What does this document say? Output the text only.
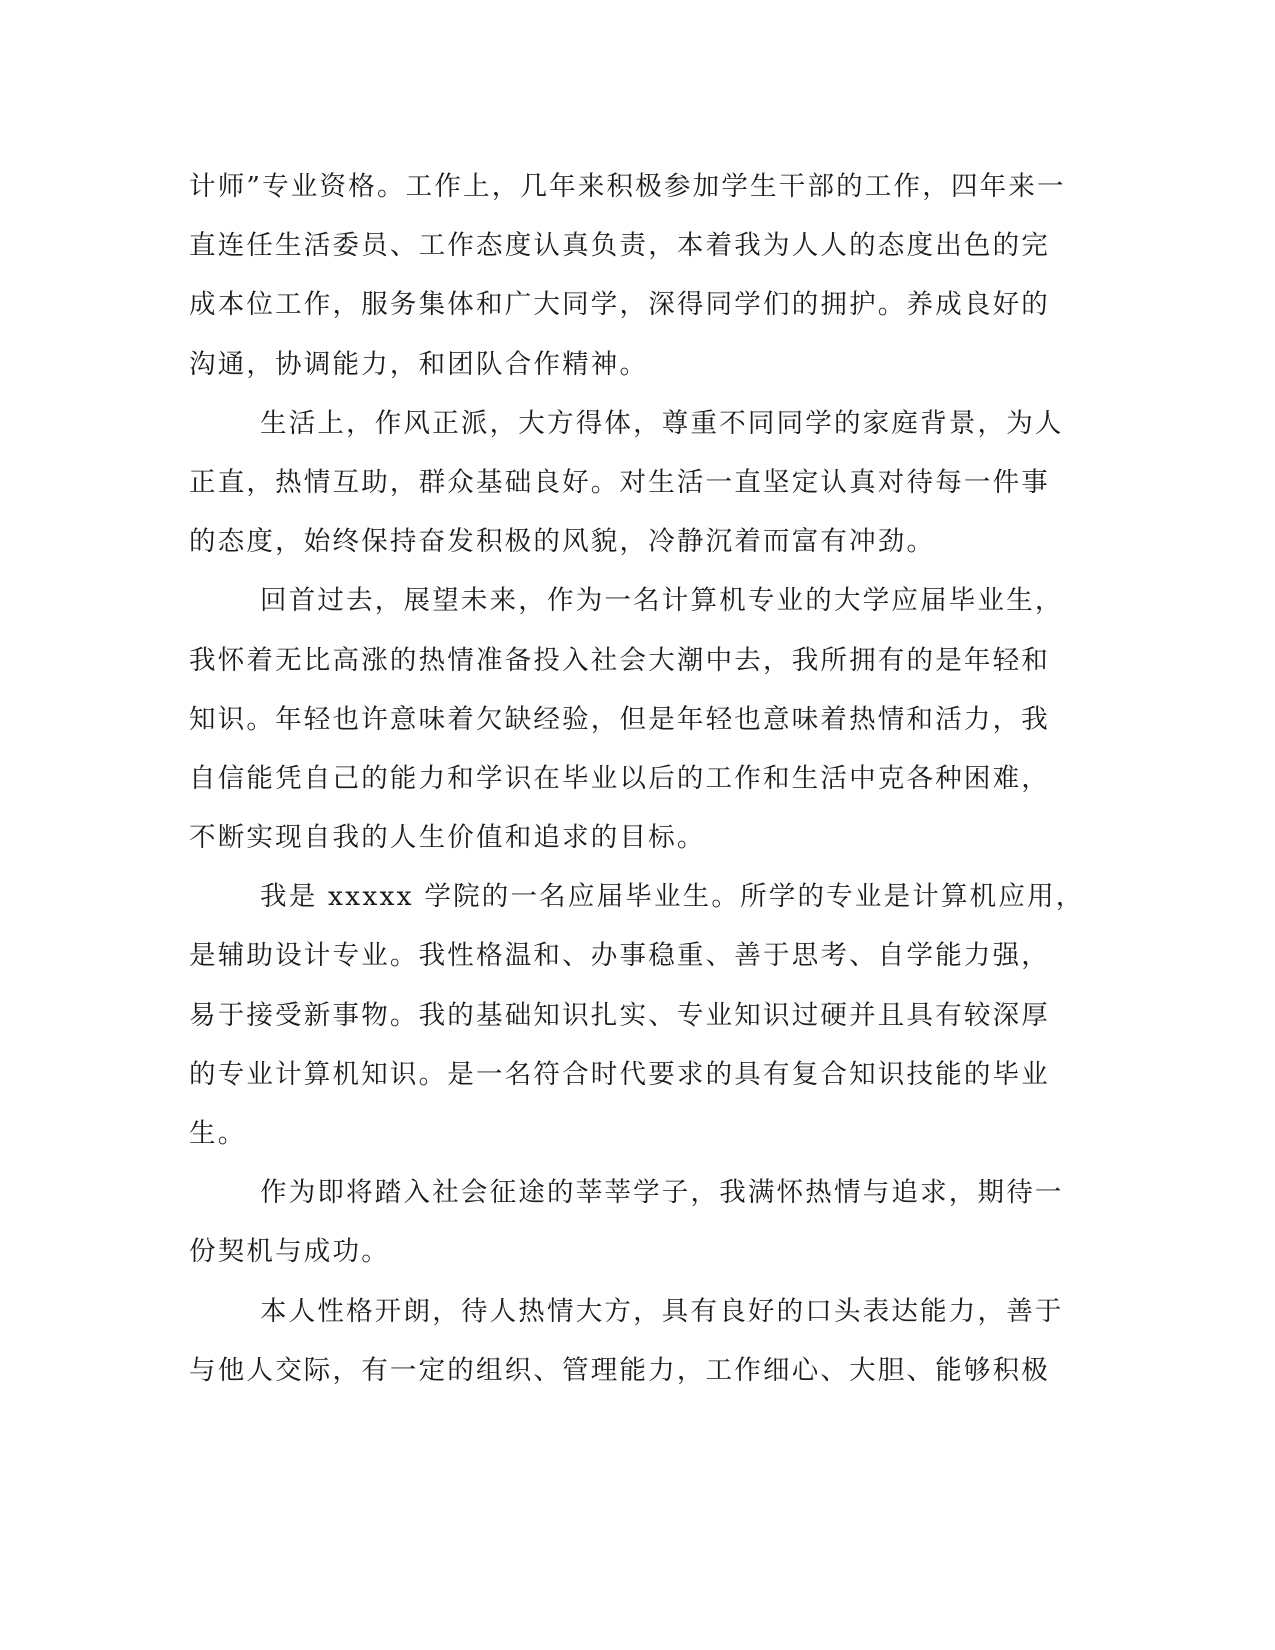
计师”专业资格。工作上，几年来积极参加学生干部的工作，四年来一
直连任生活委员、工作态度认真负责，本着我为人人的态度出色的完
成本位工作，服务集体和广大同学，深得同学们的拥护。养成良好的
沟通，协调能力，和团队合作精神。
生活上，作风正派，大方得体，尊重不同同学的家庭背景，为人
正直，热情互助，群众基础良好。对生活一直坚定认真对待每一件事
的态度，始终保持奋发积极的风貌，冷静沉着而富有冲劲。
回首过去，展望未来，作为一名计算机专业的大学应届毕业生，
我怀着无比高涨的热情准备投入社会大潮中去，我所拥有的是年轻和
知识。年轻也许意味着欠缺经验，但是年轻也意味着热情和活力，我
自信能凭自己的能力和学识在毕业以后的工作和生活中克各种困难，
不断实现自我的人生价值和追求的目标。
我是 xxxxx 学院的一名应届毕业生。所学的专业是计算机应用，
是辅助设计专业。我性格温和、办事稳重、善于思考、自学能力强，
易于接受新事物。我的基础知识扎实、专业知识过硬并且具有较深厚
的专业计算机知识。是一名符合时代要求的具有复合知识技能的毕业
生。
作为即将踏入社会征途的莘莘学子，我满怀热情与追求，期待一
份契机与成功。
本人性格开朗，待人热情大方，具有良好的口头表达能力，善于
与他人交际，有一定的组织、管理能力，工作细心、大胆、能够积极
